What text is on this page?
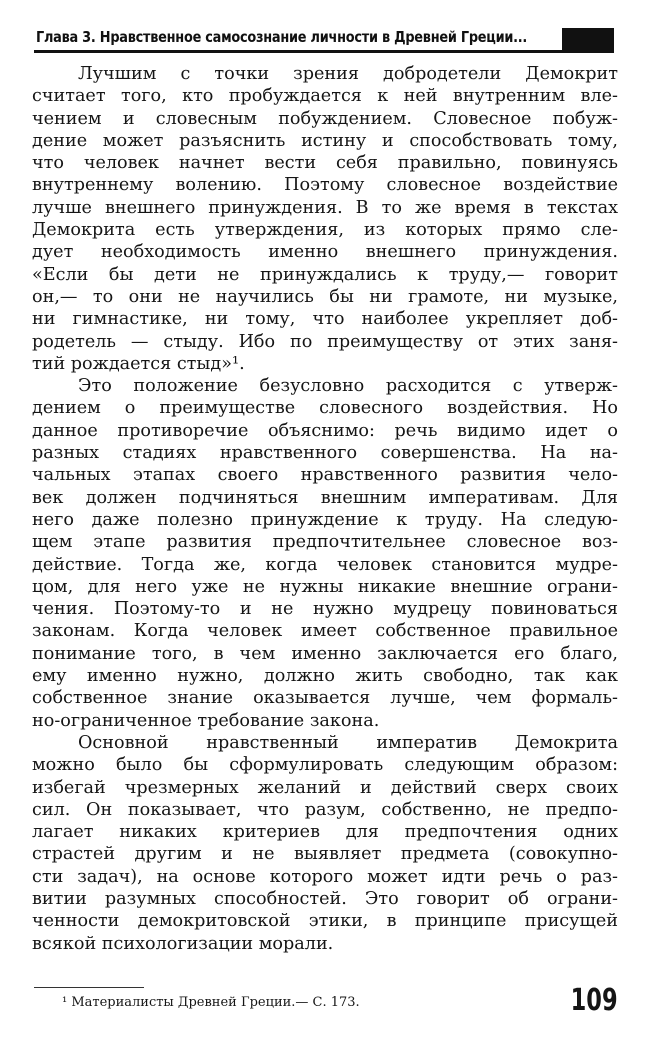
Глава 3. Нравственное самосознание личности в Древней Греции...
Лучшим с точки зрения добродетели Демокрит
считает того, кто пробуждается к ней внутренним вле-
чением и словесным побуждением. Словесное побуж-
дение может разъяснить истину и способствовать тому,
что человек начнет вести себя правильно, повинуясь
внутреннему волению. Поэтому словесное воздействие
лучше внешнего принуждения. В то же время в текстах
Демокрита есть утверждения, из которых прямо сле-
дует необходимость именно внешнего принуждения.
«Если бы дети не принуждались к труду,— говорит
он,— то они не научились бы ни грамоте, ни музыке,
ни гимнастике, ни тому, что наиболее укрепляет доб-
родетель — стыду. Ибо по преимуществу от этих заня-
тий рождается стыд»¹.
Это положение безусловно расходится с утверж-
дением о преимуществе словесного воздействия. Но
данное противоречие объяснимо: речь видимо идет о
разных стадиях нравственного совершенства. На на-
чальных этапах своего нравственного развития чело-
век должен подчиняться внешним императивам. Для
него даже полезно принуждение к труду. На следую-
щем этапе развития предпочтительнее словесное воз-
действие. Тогда же, когда человек становится мудре-
цом, для него уже не нужны никакие внешние ограни-
чения. Поэтому-то и не нужно мудрецу повиноваться
законам. Когда человек имеет собственное правильное
понимание того, в чем именно заключается его благо,
ему именно нужно, должно жить свободно, так как
собственное знание оказывается лучше, чем формаль-
но-ограниченное требование закона.
Основной нравственный императив Демокрита
можно было бы сформулировать следующим образом:
избегай чрезмерных желаний и действий сверх своих
сил. Он показывает, что разум, собственно, не предпо-
лагает никаких критериев для предпочтения одних
страстей другим и не выявляет предмета (совокупно-
сти задач), на основе которого может идти речь о раз-
витии разумных способностей. Это говорит об ограни-
ченности демокритовской этики, в принципе присущей
всякой психологизации морали.
¹ Материалисты Древней Греции.— С. 173.	109
